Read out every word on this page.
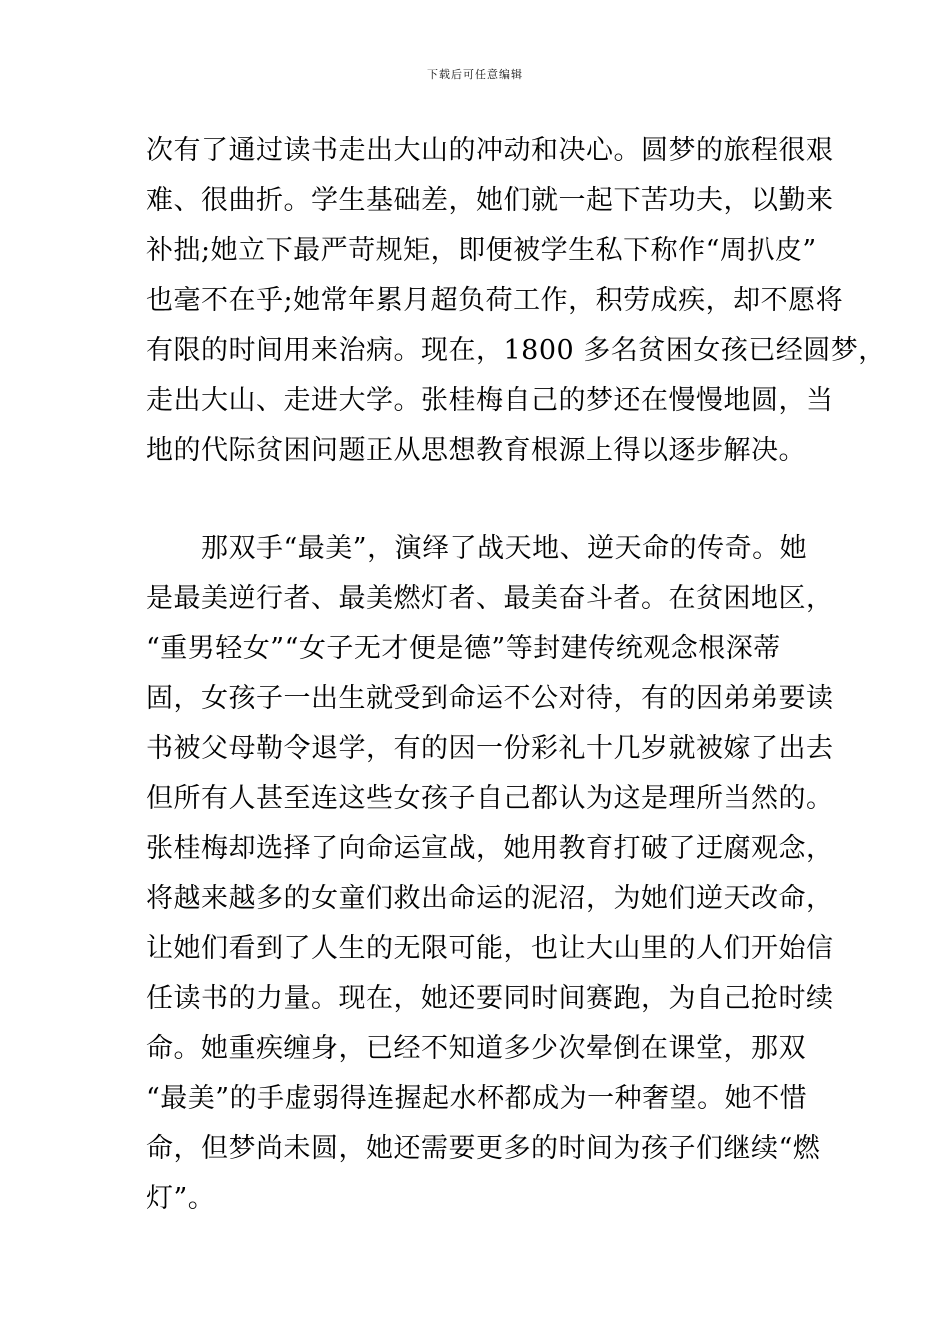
下载后可任意编辑
次有了通过读书走出大山的冲动和决心。圆梦的旅程很艰
难、很曲折。学生基础差，她们就一起下苦功夫，以勤来
补拙;她立下最严苛规矩，即便被学生私下称作“周扒皮”
也毫不在乎;她常年累月超负荷工作，积劳成疾，却不愿将
有限的时间用来治病。现在，1800 多名贫困女孩已经圆梦，
走出大山、走进大学。张桂梅自己的梦还在慢慢地圆，当
地的代际贫困问题正从思想教育根源上得以逐步解决。
　　那双手“最美”，演绎了战天地、逆天命的传奇。她
是最美逆行者、最美燃灯者、最美奋斗者。在贫困地区，
“重男轻女”“女子无才便是德”等封建传统观念根深蒂
固，女孩子一出生就受到命运不公对待，有的因弟弟要读
书被父母勒令退学，有的因一份彩礼十几岁就被嫁了出去
但所有人甚至连这些女孩子自己都认为这是理所当然的。
张桂梅却选择了向命运宣战，她用教育打破了迂腐观念，
将越来越多的女童们救出命运的泥沼，为她们逆天改命，
让她们看到了人生的无限可能，也让大山里的人们开始信
任读书的力量。现在，她还要同时间赛跑，为自己抢时续
命。她重疾缠身，已经不知道多少次晕倒在课堂，那双
“最美”的手虚弱得连握起水杯都成为一种奢望。她不惜
命，但梦尚未圆，她还需要更多的时间为孩子们继续“燃
灯”。
